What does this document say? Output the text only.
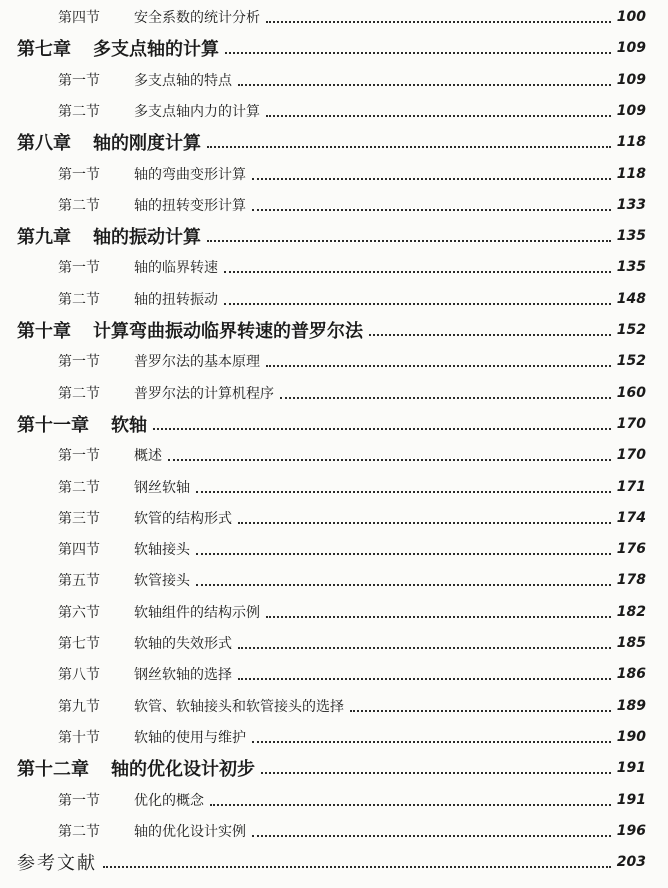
第四节	安全系数的统计分析	100
第七章 多支点轴的计算	109
第一节	多支点轴的特点	109
第二节	多支点轴内力的计算	109
第八章 轴的刚度计算	118
第一节	轴的弯曲变形计算	118
第二节	轴的扭转变形计算	133
第九章 轴的振动计算	135
第一节	轴的临界转速	135
第二节	轴的扭转振动	148
第十章 计算弯曲振动临界转速的普罗尔法	152
第一节	普罗尔法的基本原理	152
第二节	普罗尔法的计算机程序	160
第十一章 软轴	170
第一节	概述	170
第二节	钢丝软轴	171
第三节	软管的结构形式	174
第四节	软轴接头	176
第五节	软管接头	178
第六节	软轴组件的结构示例	182
第七节	软轴的失效形式	185
第八节	钢丝软轴的选择	186
第九节	软管、软轴接头和软管接头的选择	189
第十节	软轴的使用与维护	190
第十二章 轴的优化设计初步	191
第一节	优化的概念	191
第二节	轴的优化设计实例	196
参考文献	203
